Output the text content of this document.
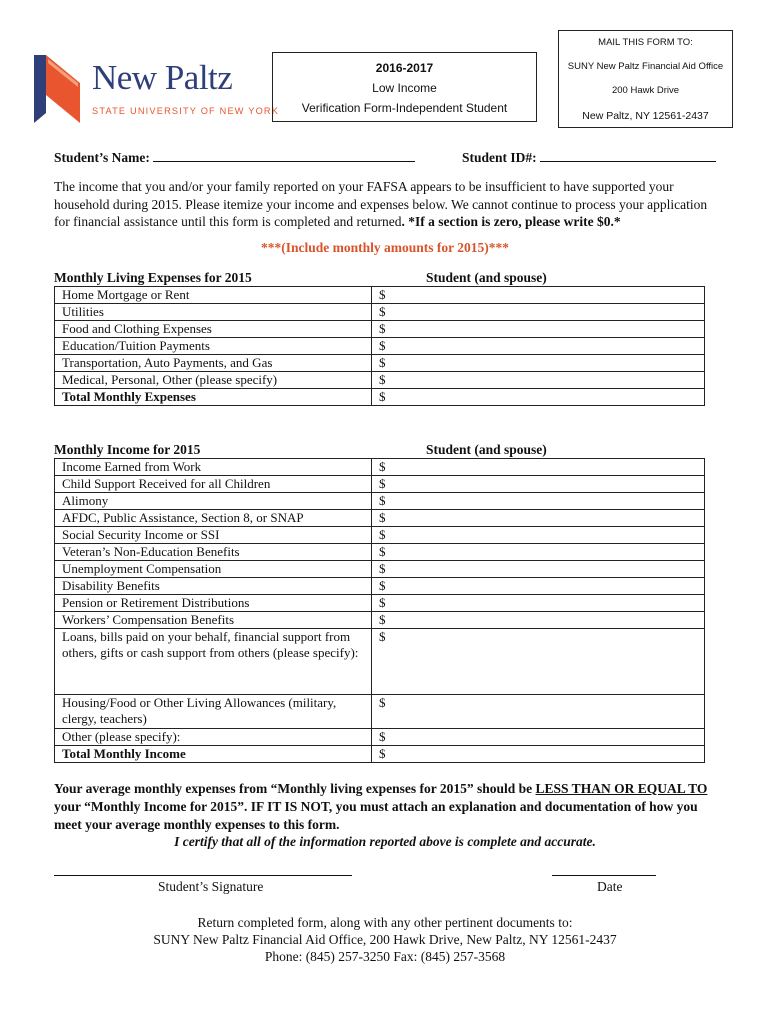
New Paltz
STATE UNIVERSITY OF NEW YORK
2016-2017
Low Income
Verification Form-Independent Student
MAIL THIS FORM TO:
SUNY New Paltz Financial Aid Office
200 Hawk Drive
New Paltz, NY 12561-2437
Student’s Name:	Student ID#:
The income that you and/or your family reported on your FAFSA appears to be insufficient to have supported your household during 2015. Please itemize your income and expenses below. We cannot continue to process your application for financial assistance until this form is completed and returned. *If a section is zero, please write $0.*
***(Include monthly amounts for 2015)***
Monthly Living Expenses for 2015	Student (and spouse)
Home Mortgage or Rent	$
Utilities	$
Food and Clothing Expenses	$
Education/Tuition Payments	$
Transportation, Auto Payments, and Gas	$
Medical, Personal, Other (please specify)	$
Total Monthly Expenses	$
Monthly Income for 2015	Student (and spouse)
Income Earned from Work	$
Child Support Received for all Children	$
Alimony	$
AFDC, Public Assistance, Section 8, or SNAP	$
Social Security Income or SSI	$
Veteran’s Non-Education Benefits	$
Unemployment Compensation	$
Disability Benefits	$
Pension or Retirement Distributions	$
Workers’ Compensation Benefits	$
Loans, bills paid on your behalf, financial support from others, gifts or cash support from others (please specify):	$
Housing/Food or Other Living Allowances (military, clergy, teachers)	$
Other (please specify):	$
Total Monthly Income	$
Your average monthly expenses from “Monthly living expenses for 2015” should be LESS THAN OR EQUAL TO your “Monthly Income for 2015”. IF IT IS NOT, you must attach an explanation and documentation of how you meet your average monthly expenses to this form.
I certify that all of the information reported above is complete and accurate.
Student’s Signature	Date
Return completed form, along with any other pertinent documents to:
SUNY New Paltz Financial Aid Office, 200 Hawk Drive, New Paltz, NY 12561-2437
Phone: (845) 257-3250 Fax: (845) 257-3568
